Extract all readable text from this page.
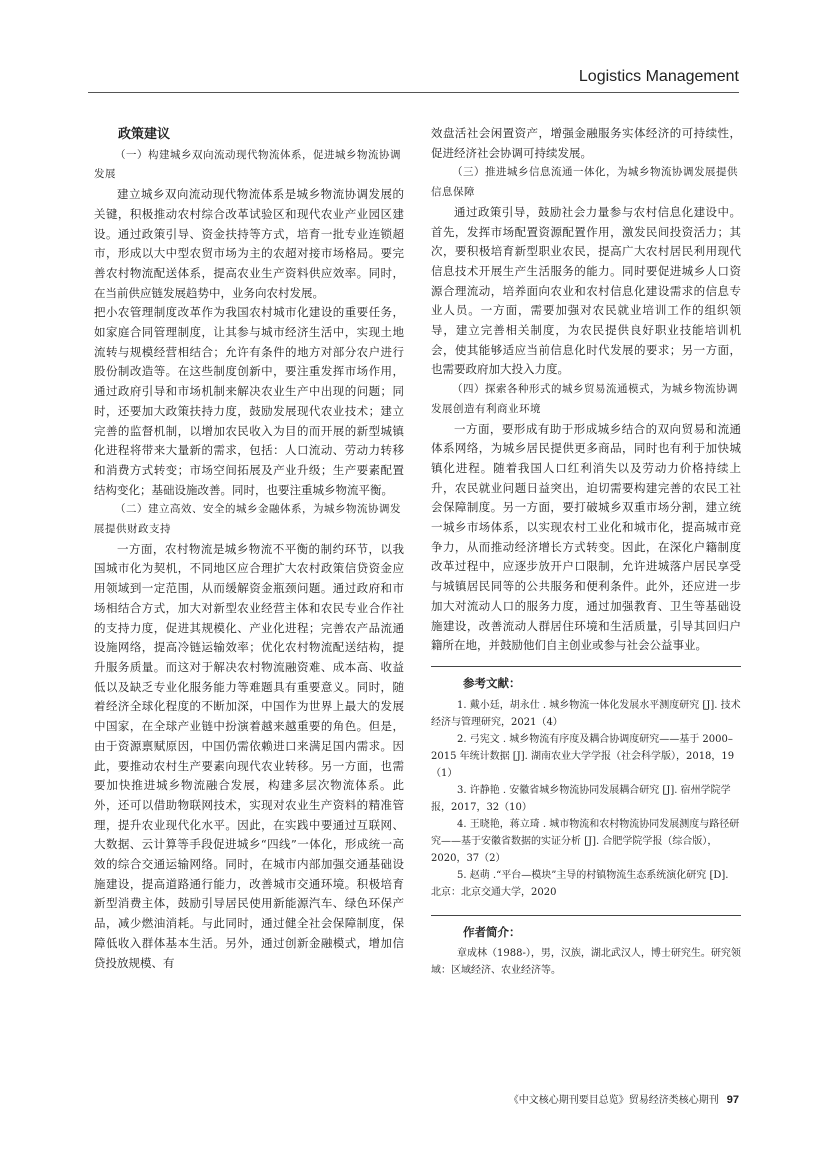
Logistics Management
政策建议

（一）构建城乡双向流动现代物流体系，促进城乡物流协调发展

建立城乡双向流动现代物流体系是城乡物流协调发展的关键，积极推动农村综合改革试验区和现代农业产业园区建设。通过政策引导、资金扶持等方式，培育一批专业连锁超市，形成以大中型农贸市场为主的农超对接市场格局。要完善农村物流配送体系，提高农业生产资料供应效率。同时，在当前供应链发展趋势中，业务向农村发展。

把小农管理制度改革作为我国农村城市化建设的重要任务，如家庭合同管理制度，让其参与城市经济生活中，实现土地流转与规模经营相结合；允许有条件的地方对部分农户进行股份制改造等。在这些制度创新中，要注重发挥市场作用，通过政府引导和市场机制来解决农业生产中出现的问题；同时，还要加大政策扶持力度，鼓励发展现代农业技术；建立完善的监督机制，以增加农民收入为目的而开展的新型城镇化进程将带来大量新的需求，包括：人口流动、劳动力转移和消费方式转变；市场空间拓展及产业升级；生产要素配置结构变化；基础设施改善。同时，也要注重城乡物流平衡。

（二）建立高效、安全的城乡金融体系，为城乡物流协调发展提供财政支持

一方面，农村物流是城乡物流不平衡的制约环节，以我国城市化为契机，不同地区应合理扩大农村政策信贷资金应用领域到一定范围，从而缓解资金瓶颈问题。通过政府和市场相结合方式，加大对新型农业经营主体和农民专业合作社的支持力度，促进其规模化、产业化进程；完善农产品流通设施网络，提高冷链运输效率；优化农村物流配送结构，提升服务质量。而这对于解决农村物流融资难、成本高、收益低以及缺乏专业化服务能力等难题具有重要意义。同时，随着经济全球化程度的不断加深，中国作为世界上最大的发展中国家，在全球产业链中扮演着越来越重要的角色。但是，由于资源禀赋原因，中国仍需依赖进口来满足国内需求。因此，要推动农村生产要素向现代农业转移。另一方面，也需要加快推进城乡物流融合发展，构建多层次物流体系。此外，还可以借助物联网技术，实现对农业生产资料的精准管理，提升农业现代化水平。因此，在实践中要通过互联网、大数据、云计算等手段促进城乡“四线”一体化，形成统一高效的综合交通运输网络。同时，在城市内部加强交通基础设施建设，提高道路通行能力，改善城市交通环境。积极培育新型消费主体，鼓励引导居民使用新能源汽车、绿色环保产品，减少燃油消耗。与此同时，通过健全社会保障制度，保障低收入群体基本生活。另外，通过创新金融模式，增加信贷投放规模、有

效盘活社会闲置资产，增强金融服务实体经济的可持续性，促进经济社会协调可持续发展。

（三）推进城乡信息流通一体化，为城乡物流协调发展提供信息保障

通过政策引导，鼓励社会力量参与农村信息化建设中。首先，发挥市场配置资源配置作用，激发民间投资活力；其次，要积极培育新型职业农民，提高广大农村居民利用现代信息技术开展生产生活服务的能力。同时要促进城乡人口资源合理流动，培养面向农业和农村信息化建设需求的信息专业人员。一方面，需要加强对农民就业培训工作的组织领导，建立完善相关制度，为农民提供良好职业技能培训机会，使其能够适应当前信息化时代发展的要求；另一方面，也需要政府加大投入力度。

（四）探索各种形式的城乡贸易流通模式，为城乡物流协调发展创造有利商业环境

一方面，要形成有助于形成城乡结合的双向贸易和流通体系网络，为城乡居民提供更多商品，同时也有利于加快城镇化进程。随着我国人口红利消失以及劳动力价格持续上升，农民就业问题日益突出，迫切需要构建完善的农民工社会保障制度。另一方面，要打破城乡双重市场分割，建立统一城乡市场体系，以实现农村工业化和城市化，提高城市竞争力，从而推动经济增长方式转变。因此，在深化户籍制度改革过程中，应逐步放开户口限制，允许进城落户居民享受与城镇居民同等的公共服务和便利条件。此外，还应进一步加大对流动人口的服务力度，通过加强教育、卫生等基础设施建设，改善流动人群居住环境和生活质量，引导其回归户籍所在地，并鼓励他们自主创业或参与社会公益事业。

参考文献：

1. 戴小廷，胡永仕 . 城乡物流一体化发展水平测度研究 [J]. 技术经济与管理研究，2021（4）

2. 弓宪文 . 城乡物流有序度及耦合协调度研究——基于 2000–2015 年统计数据 [J]. 湖南农业大学学报（社会科学版），2018，19（1）

3. 许静艳 . 安徽省城乡物流协同发展耦合研究 [J]. 宿州学院学报，2017，32（10）

4. 王晓艳，蒋立琦 . 城市物流和农村物流协同发展测度与路径研究——基于安徽省数据的实证分析 [J]. 合肥学院学报（综合版），2020，37（2）

5. 赵萌 .“平台—模块”主导的村镇物流生态系统演化研究 [D]. 北京：北京交通大学，2020

作者简介：

章成林（1988-），男，汉族，湖北武汉人，博士研究生。研究领域：区域经济、农业经济等。

《中文核心期刊要目总览》贸易经济类核心期刊 97
